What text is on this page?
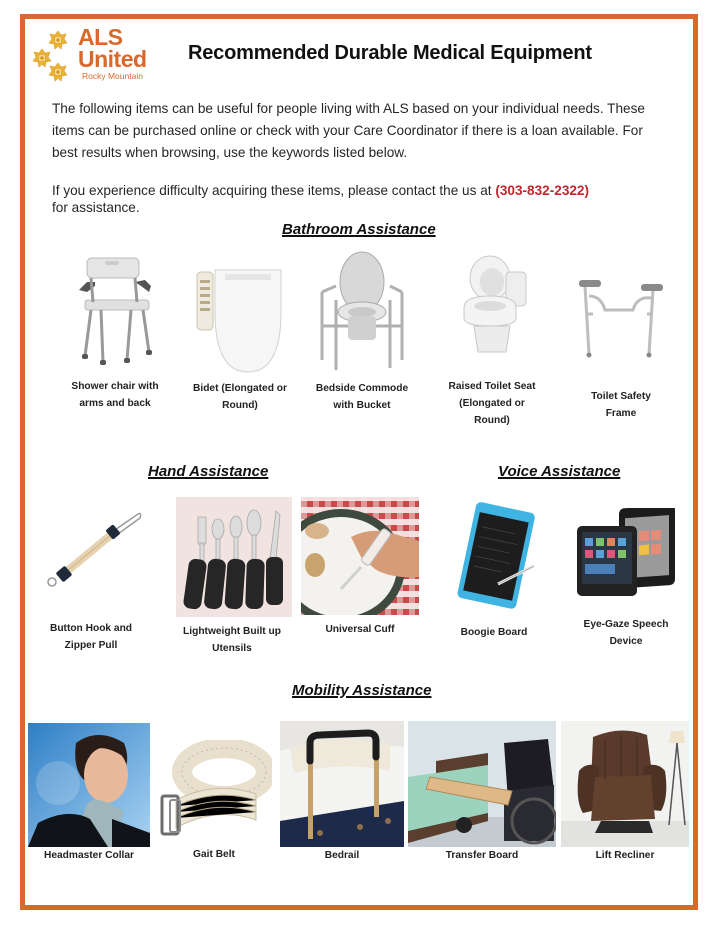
ALS
United
Rocky Mountain
Recommended Durable Medical Equipment

The following items can be useful for people living with ALS based on your individual needs. These items can be purchased online or check with your Care Coordinator if there is a loan available. For best results when browsing, use the keywords listed below.

If you experience difficulty acquiring these items, please contact the us at (303-832-2322)
for assistance.

Bathroom Assistance
Shower chair with arms and back
Bidet (Elongated or Round)
Bedside Commode with Bucket
Raised Toilet Seat (Elongated or Round)
Toilet Safety Frame
Hand Assistance
Button Hook and Zipper Pull
Lightweight Built up Utensils
Universal Cuff
Voice Assistance
Boogie Board
Eye-Gaze Speech Device
Mobility Assistance
Headmaster Collar	Gait Belt	Bedrail	Transfer Board	Lift Recliner
